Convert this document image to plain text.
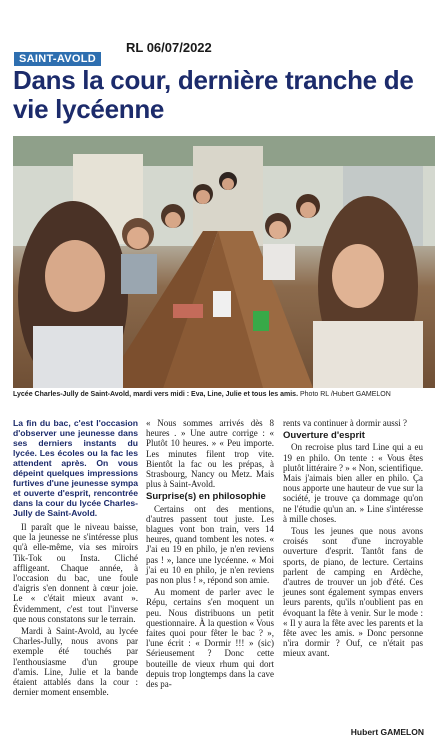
SAINT-AVOLD
RL 06/07/2022
Dans la cour, dernière tranche de vie lycéenne
Lycée Charles-Jully de Saint-Avold, mardi vers midi : Eva, Line, Julie et tous les amis. Photo RL /Hubert GAMELON
La fin du bac, c'est l'occasion d'observer une jeunesse dans ses derniers instants du lycée. Les écoles ou la fac les attendent après. On vous dépeint quelques impressions furtives d'une jeunesse sympa et ouverte d'esprit, rencontrée dans la cour du lycée Charles-Jully de Saint-Avold.

Il paraît que le niveau baisse, que la jeunesse ne s'intéresse plus qu'à elle-même, via ses miroirs Tik-Tok ou Insta. Cliché affligeant. Chaque année, à l'occasion du bac, une foule d'aigris s'en donnent à cœur joie. Le « c'était mieux avant ». Évidemment, c'est tout l'inverse que nous constatons sur le terrain.

Mardi à Saint-Avold, au lycée Charles-Jully, nous avons par exemple été touchés par l'enthousiasme d'un groupe d'amis. Line, Julie et la bande étaient attablés dans la cour : dernier moment ensemble.

« Nous sommes arrivés dès 8 heures . » Une autre corrige : « Plutôt 10 heures. » « Peu importe. Les minutes filent trop vite. Bientôt la fac ou les prépas, à Strasbourg, Nancy ou Metz. Mais plus à Saint-Avold.

Surprise(s) en philosophie

Certains ont des mentions, d'autres passent tout juste. Les blagues vont bon train, vers 14 heures, quand tombent les notes. « J'ai eu 19 en philo, je n'en reviens pas ! », lance une lycéenne. « Moi j'ai eu 10 en philo, je n'en reviens pas non plus ! », répond son amie.

Au moment de parler avec le Répu, certains s'en moquent un peu. Nous distribuons un petit questionnaire. À la question « Vous faites quoi pour fêter le bac ? », l'une écrit : « Dormir !!! » (sic) Sérieusement ? Donc cette bouteille de vieux rhum qui dort depuis trop longtemps dans la cave des pa-

rents va continuer à dormir aussi ?

Ouverture d'esprit

On recroise plus tard Line qui a eu 19 en philo. On tente : « Vous êtes plutôt littéraire ? » « Non, scientifique. Mais j'aimais bien aller en philo. Ça nous apporte une hauteur de vue sur la société, je trouve ça dommage qu'on ne l'étudie qu'un an. » Line s'intéresse à mille choses.

Tous les jeunes que nous avons croisés sont d'une incroyable ouverture d'esprit. Tantôt fans de sports, de piano, de lecture. Certains parlent de camping en Ardèche, d'autres de trouver un job d'été. Ces jeunes sont également sympas envers leurs parents, qu'ils n'oublient pas en évoquant la fête à venir. Sur le mode : « Il y aura la fête avec les parents et la fête avec les amis. » Donc personne n'ira dormir ? Ouf, ce n'était pas mieux avant.

Hubert GAMELON
